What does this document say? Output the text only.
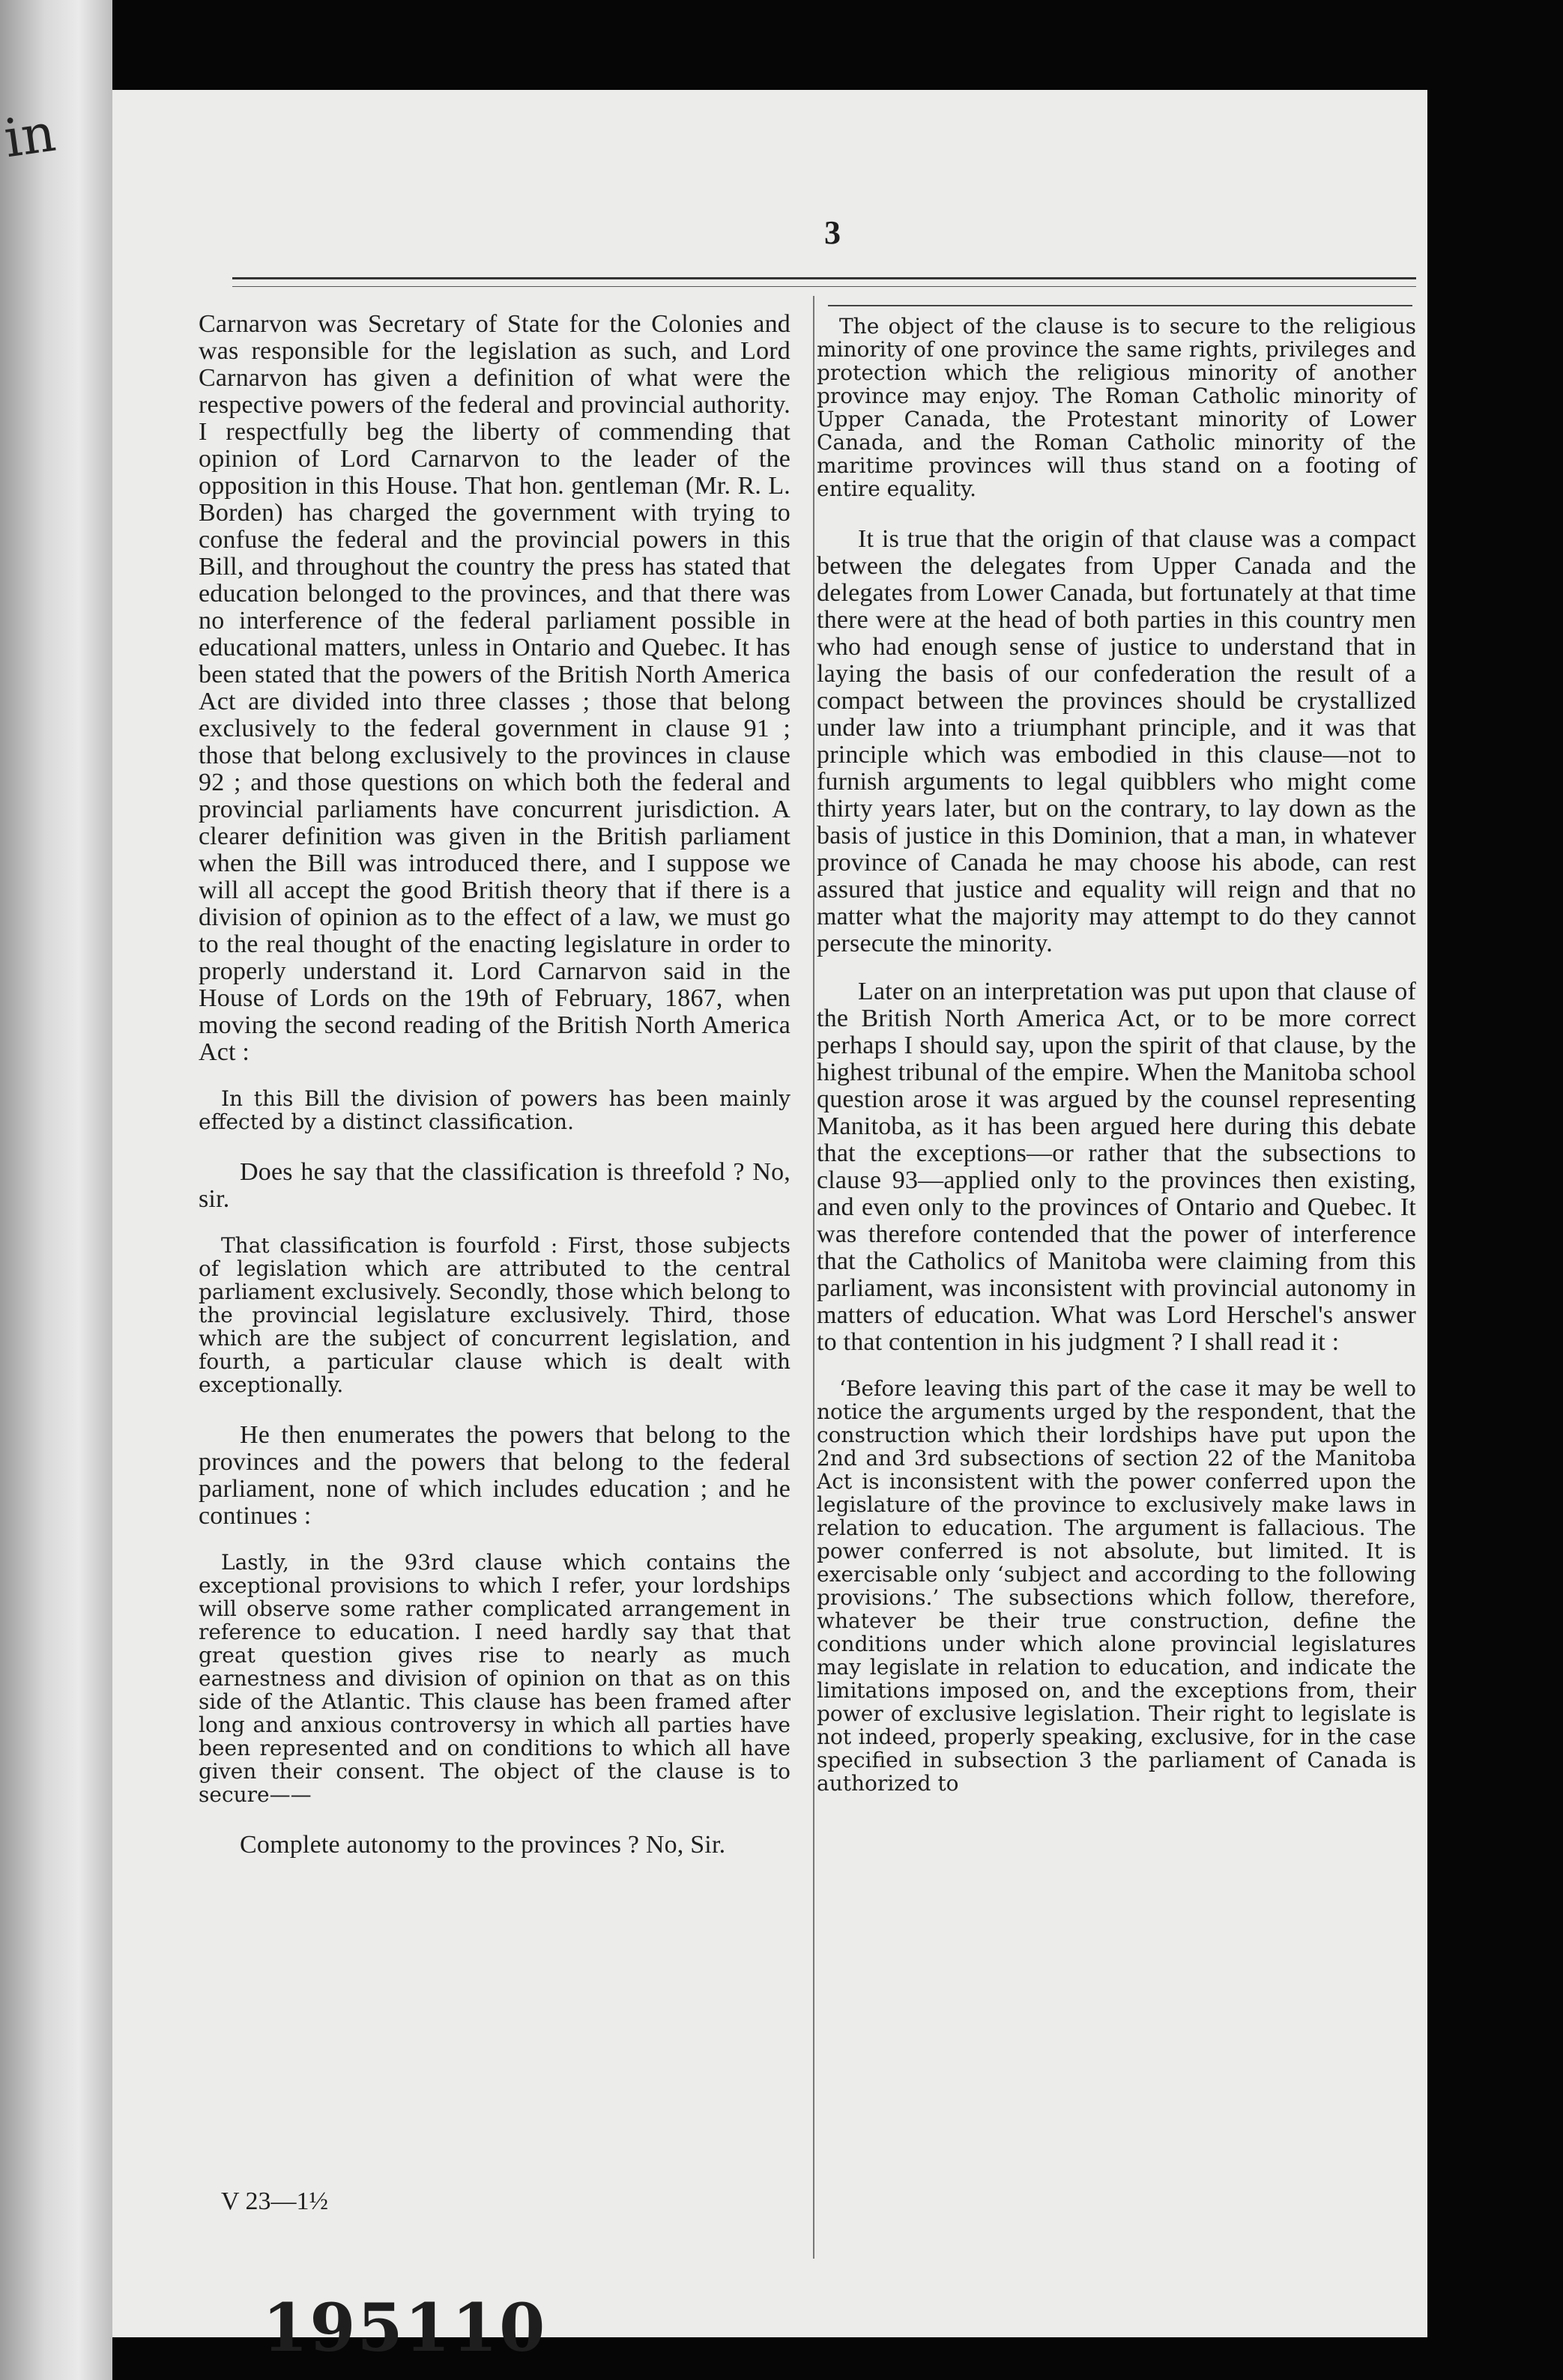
in
3

Carnarvon was Secretary of State for the Colonies and was responsible for the legislation as such, and Lord Carnarvon has given a definition of what were the respective powers of the federal and provincial authority. I respectfully beg the liberty of commending that opinion of Lord Carnarvon to the leader of the opposition in this House. That hon. gentleman (Mr. R. L. Borden) has charged the government with trying to confuse the federal and the provincial powers in this Bill, and throughout the country the press has stated that education belonged to the provinces, and that there was no interference of the federal parliament possible in educational matters, unless in Ontario and Quebec. It has been stated that the powers of the British North America Act are divided into three classes ; those that belong exclusively to the federal government in clause 91 ; those that belong exclusively to the provinces in clause 92 ; and those questions on which both the federal and provincial parliaments have concurrent jurisdiction. A clearer definition was given in the British parliament when the Bill was introduced there, and I suppose we will all accept the good British theory that if there is a division of opinion as to the effect of a law, we must go to the real thought of the enacting legislature in order to properly understand it. Lord Carnarvon said in the House of Lords on the 19th of February, 1867, when moving the second reading of the British North America Act :

In this Bill the division of powers has been mainly effected by a distinct classification.

Does he say that the classification is threefold ? No, sir.

That classification is fourfold : First, those subjects of legislation which are attributed to the central parliament exclusively. Secondly, those which belong to the provincial legislature exclusively. Third, those which are the subject of concurrent legislation, and fourth, a particular clause which is dealt with exceptionally.

He then enumerates the powers that belong to the provinces and the powers that belong to the federal parliament, none of which includes education ; and he continues :

Lastly, in the 93rd clause which contains the exceptional provisions to which I refer, your lordships will observe some rather complicated arrangement in reference to education. I need hardly say that that great question gives rise to nearly as much earnestness and division of opinion on that as on this side of the Atlantic. This clause has been framed after long and anxious controversy in which all parties have been represented and on conditions to which all have given their consent. The object of the clause is to secure——

Complete autonomy to the provinces ? No, Sir.

The object of the clause is to secure to the religious minority of one province the same rights, privileges and protection which the religious minority of another province may enjoy. The Roman Catholic minority of Upper Canada, the Protestant minority of Lower Canada, and the Roman Catholic minority of the maritime provinces will thus stand on a footing of entire equality.

It is true that the origin of that clause was a compact between the delegates from Upper Canada and the delegates from Lower Canada, but fortunately at that time there were at the head of both parties in this country men who had enough sense of justice to understand that in laying the basis of our confederation the result of a compact between the provinces should be crystallized under law into a triumphant principle, and it was that principle which was embodied in this clause—not to furnish arguments to legal quibblers who might come thirty years later, but on the contrary, to lay down as the basis of justice in this Dominion, that a man, in whatever province of Canada he may choose his abode, can rest assured that justice and equality will reign and that no matter what the majority may attempt to do they cannot persecute the minority.

Later on an interpretation was put upon that clause of the British North America Act, or to be more correct perhaps I should say, upon the spirit of that clause, by the highest tribunal of the empire. When the Manitoba school question arose it was argued by the counsel representing Manitoba, as it has been argued here during this debate that the exceptions—or rather that the subsections to clause 93—applied only to the provinces then existing, and even only to the provinces of Ontario and Quebec. It was therefore contended that the power of interference that the Catholics of Manitoba were claiming from this parliament, was inconsistent with provincial autonomy in matters of education. What was Lord Herschel's answer to that contention in his judgment ? I shall read it :

‘Before leaving this part of the case it may be well to notice the arguments urged by the respondent, that the construction which their lordships have put upon the 2nd and 3rd subsections of section 22 of the Manitoba Act is inconsistent with the power conferred upon the legislature of the province to exclusively make laws in relation to education. The argument is fallacious. The power conferred is not absolute, but limited. It is exercisable only ‘subject and according to the following provisions.’ The subsections which follow, therefore, whatever be their true construction, define the conditions under which alone provincial legislatures may legislate in relation to education, and indicate the limitations imposed on, and the exceptions from, their power of exclusive legislation. Their right to legislate is not indeed, properly speaking, exclusive, for in the case specified in subsection 3 the parliament of Canada is authorized to

V 23—1½
195110
